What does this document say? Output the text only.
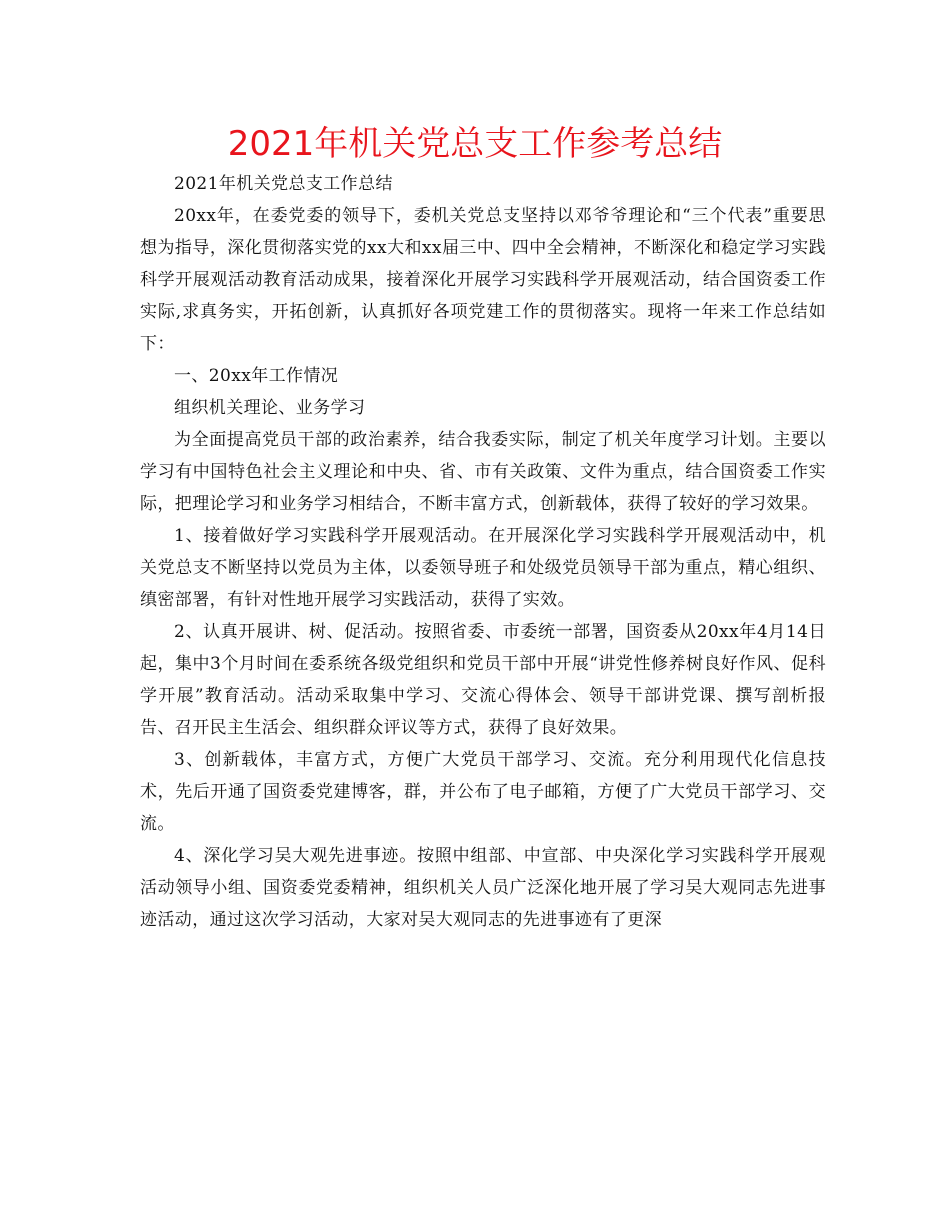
2021年机关党总支工作参考总结

2021年机关党总支工作总结

20xx年，在委党委的领导下，委机关党总支坚持以邓爷爷理论和“三个代表”重要思想为指导，深化贯彻落实党的xx大和xx届三中、四中全会精神，不断深化和稳定学习实践科学开展观活动教育活动成果，接着深化开展学习实践科学开展观活动，结合国资委工作实际,求真务实，开拓创新，认真抓好各项党建工作的贯彻落实。现将一年来工作总结如下：

一、20xx年工作情况

组织机关理论、业务学习

为全面提高党员干部的政治素养，结合我委实际，制定了机关年度学习计划。主要以学习有中国特色社会主义理论和中央、省、市有关政策、文件为重点，结合国资委工作实际，把理论学习和业务学习相结合，不断丰富方式，创新载体，获得了较好的学习效果。

1、接着做好学习实践科学开展观活动。在开展深化学习实践科学开展观活动中，机关党总支不断坚持以党员为主体，以委领导班子和处级党员领导干部为重点，精心组织、缜密部署，有针对性地开展学习实践活动，获得了实效。

2、认真开展讲、树、促活动。按照省委、市委统一部署，国资委从20xx年4月14日起，集中3个月时间在委系统各级党组织和党员干部中开展“讲党性修养树良好作风、促科学开展”教育活动。活动采取集中学习、交流心得体会、领导干部讲党课、撰写剖析报告、召开民主生活会、组织群众评议等方式，获得了良好效果。

3、创新载体，丰富方式，方便广大党员干部学习、交流。充分利用现代化信息技术，先后开通了国资委党建博客，群，并公布了电子邮箱，方便了广大党员干部学习、交流。

4、深化学习吴大观先进事迹。按照中组部、中宣部、中央深化学习实践科学开展观活动领导小组、国资委党委精神，组织机关人员广泛深化地开展了学习吴大观同志先进事迹活动，通过这次学习活动，大家对吴大观同志的先进事迹有了更深
